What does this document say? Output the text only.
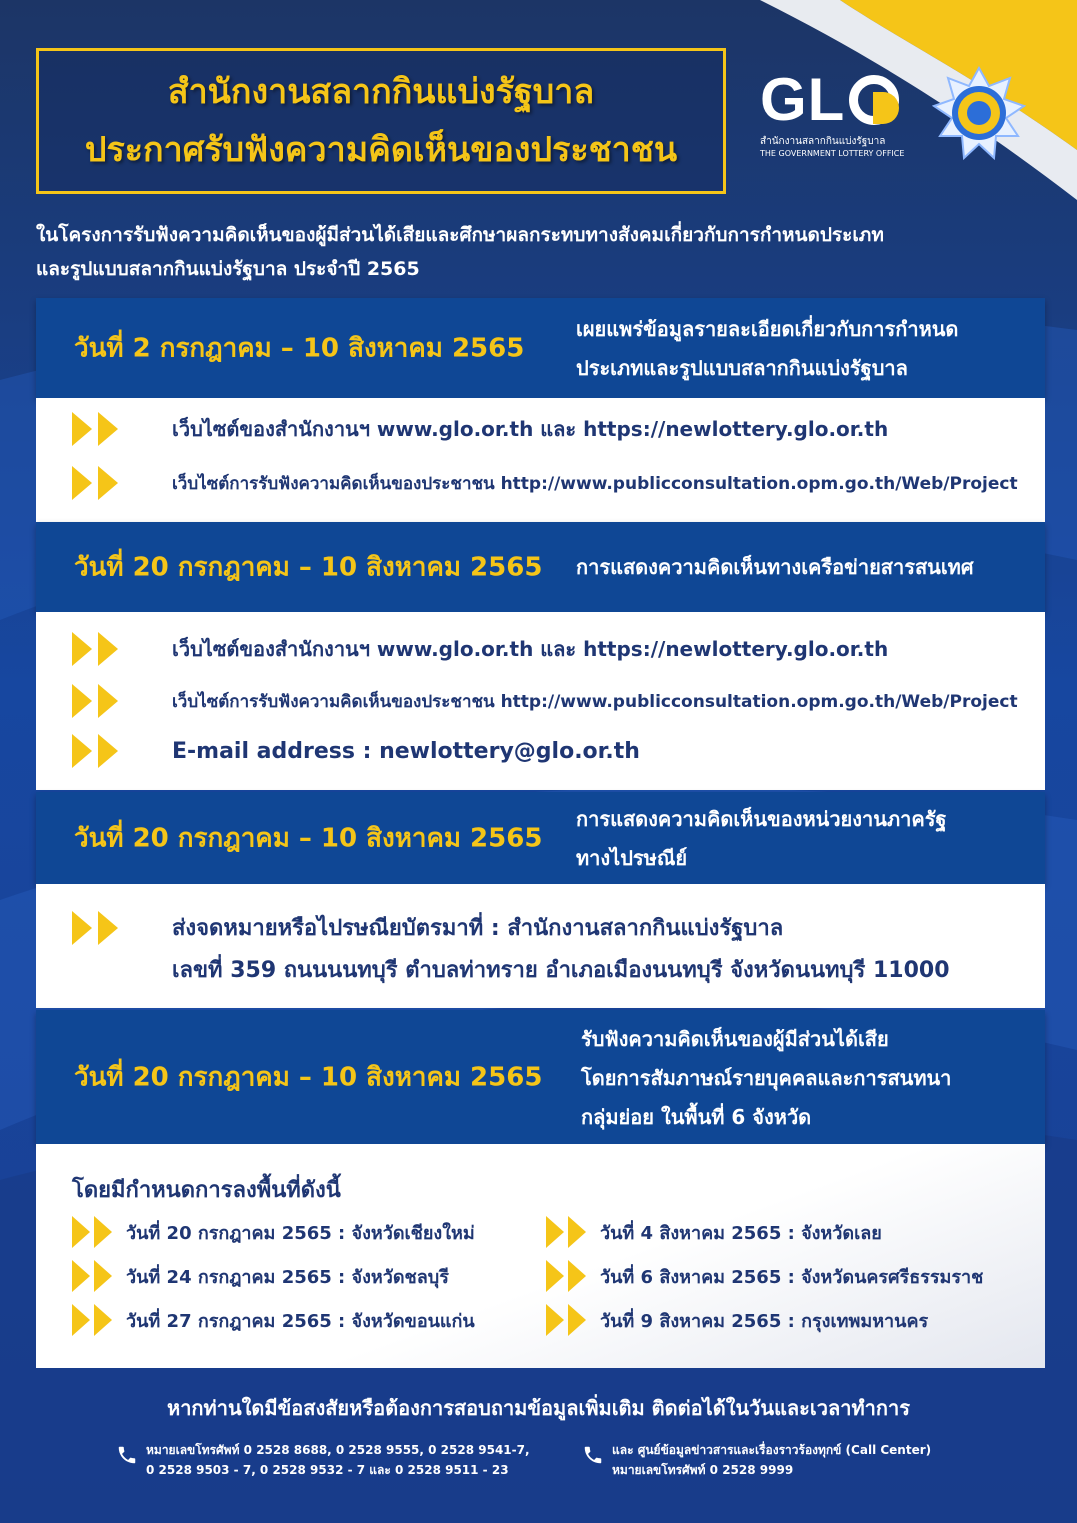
สำนักงานสลากกินแบ่งรัฐบาล
ประกาศรับฟังความคิดเห็นของประชาชน
GL
สำนักงานสลากกินแบ่งรัฐบาล
THE GOVERNMENT LOTTERY OFFICE
ในโครงการรับฟังความคิดเห็นของผู้มีส่วนได้เสียและศึกษาผลกระทบทางสังคมเกี่ยวกับการกำหนดประเภท
และรูปแบบสลากกินแบ่งรัฐบาล ประจำปี 2565
วันที่ 2 กรกฎาคม – 10 สิงหาคม 2565
เผยแพร่ข้อมูลรายละเอียดเกี่ยวกับการกำหนด
ประเภทและรูปแบบสลากกินแบ่งรัฐบาล
เว็บไซต์ของสำนักงานฯ www.glo.or.th และ https://newlottery.glo.or.th
เว็บไซต์การรับฟังความคิดเห็นของประชาชน http://www.publicconsultation.opm.go.th/Web/Project
วันที่ 20 กรกฎาคม – 10 สิงหาคม 2565 การแสดงความคิดเห็นทางเครือข่ายสารสนเทศ
เว็บไซต์ของสำนักงานฯ www.glo.or.th และ https://newlottery.glo.or.th
เว็บไซต์การรับฟังความคิดเห็นของประชาชน http://www.publicconsultation.opm.go.th/Web/Project
E-mail address : newlottery@glo.or.th
วันที่ 20 กรกฎาคม – 10 สิงหาคม 2565
การแสดงความคิดเห็นของหน่วยงานภาครัฐ
ทางไปรษณีย์
ส่งจดหมายหรือไปรษณียบัตรมาที่ : สำนักงานสลากกินแบ่งรัฐบาล
เลขที่ 359 ถนนนนทบุรี ตำบลท่าทราย อำเภอเมืองนนทบุรี จังหวัดนนทบุรี 11000
วันที่ 20 กรกฎาคม – 10 สิงหาคม 2565
รับฟังความคิดเห็นของผู้มีส่วนได้เสีย
โดยการสัมภาษณ์รายบุคคลและการสนทนา
กลุ่มย่อย ในพื้นที่ 6 จังหวัด
โดยมีกำหนดการลงพื้นที่ดังนี้
วันที่ 20 กรกฎาคม 2565 : จังหวัดเชียงใหม่
วันที่ 24 กรกฎาคม 2565 : จังหวัดชลบุรี
วันที่ 27 กรกฎาคม 2565 : จังหวัดขอนแก่น
วันที่ 4 สิงหาคม 2565 : จังหวัดเลย
วันที่ 6 สิงหาคม 2565 : จังหวัดนครศรีธรรมราช
วันที่ 9 สิงหาคม 2565 : กรุงเทพมหานคร
หากท่านใดมีข้อสงสัยหรือต้องการสอบถามข้อมูลเพิ่มเติม ติดต่อได้ในวันและเวลาทำการ
หมายเลขโทรศัพท์ 0 2528 8688, 0 2528 9555, 0 2528 9541-7,
0 2528 9503 - 7, 0 2528 9532 - 7 และ 0 2528 9511 - 23
และ ศูนย์ข้อมูลข่าวสารและเรื่องราวร้องทุกข์ (Call Center)
หมายเลขโทรศัพท์ 0 2528 9999
